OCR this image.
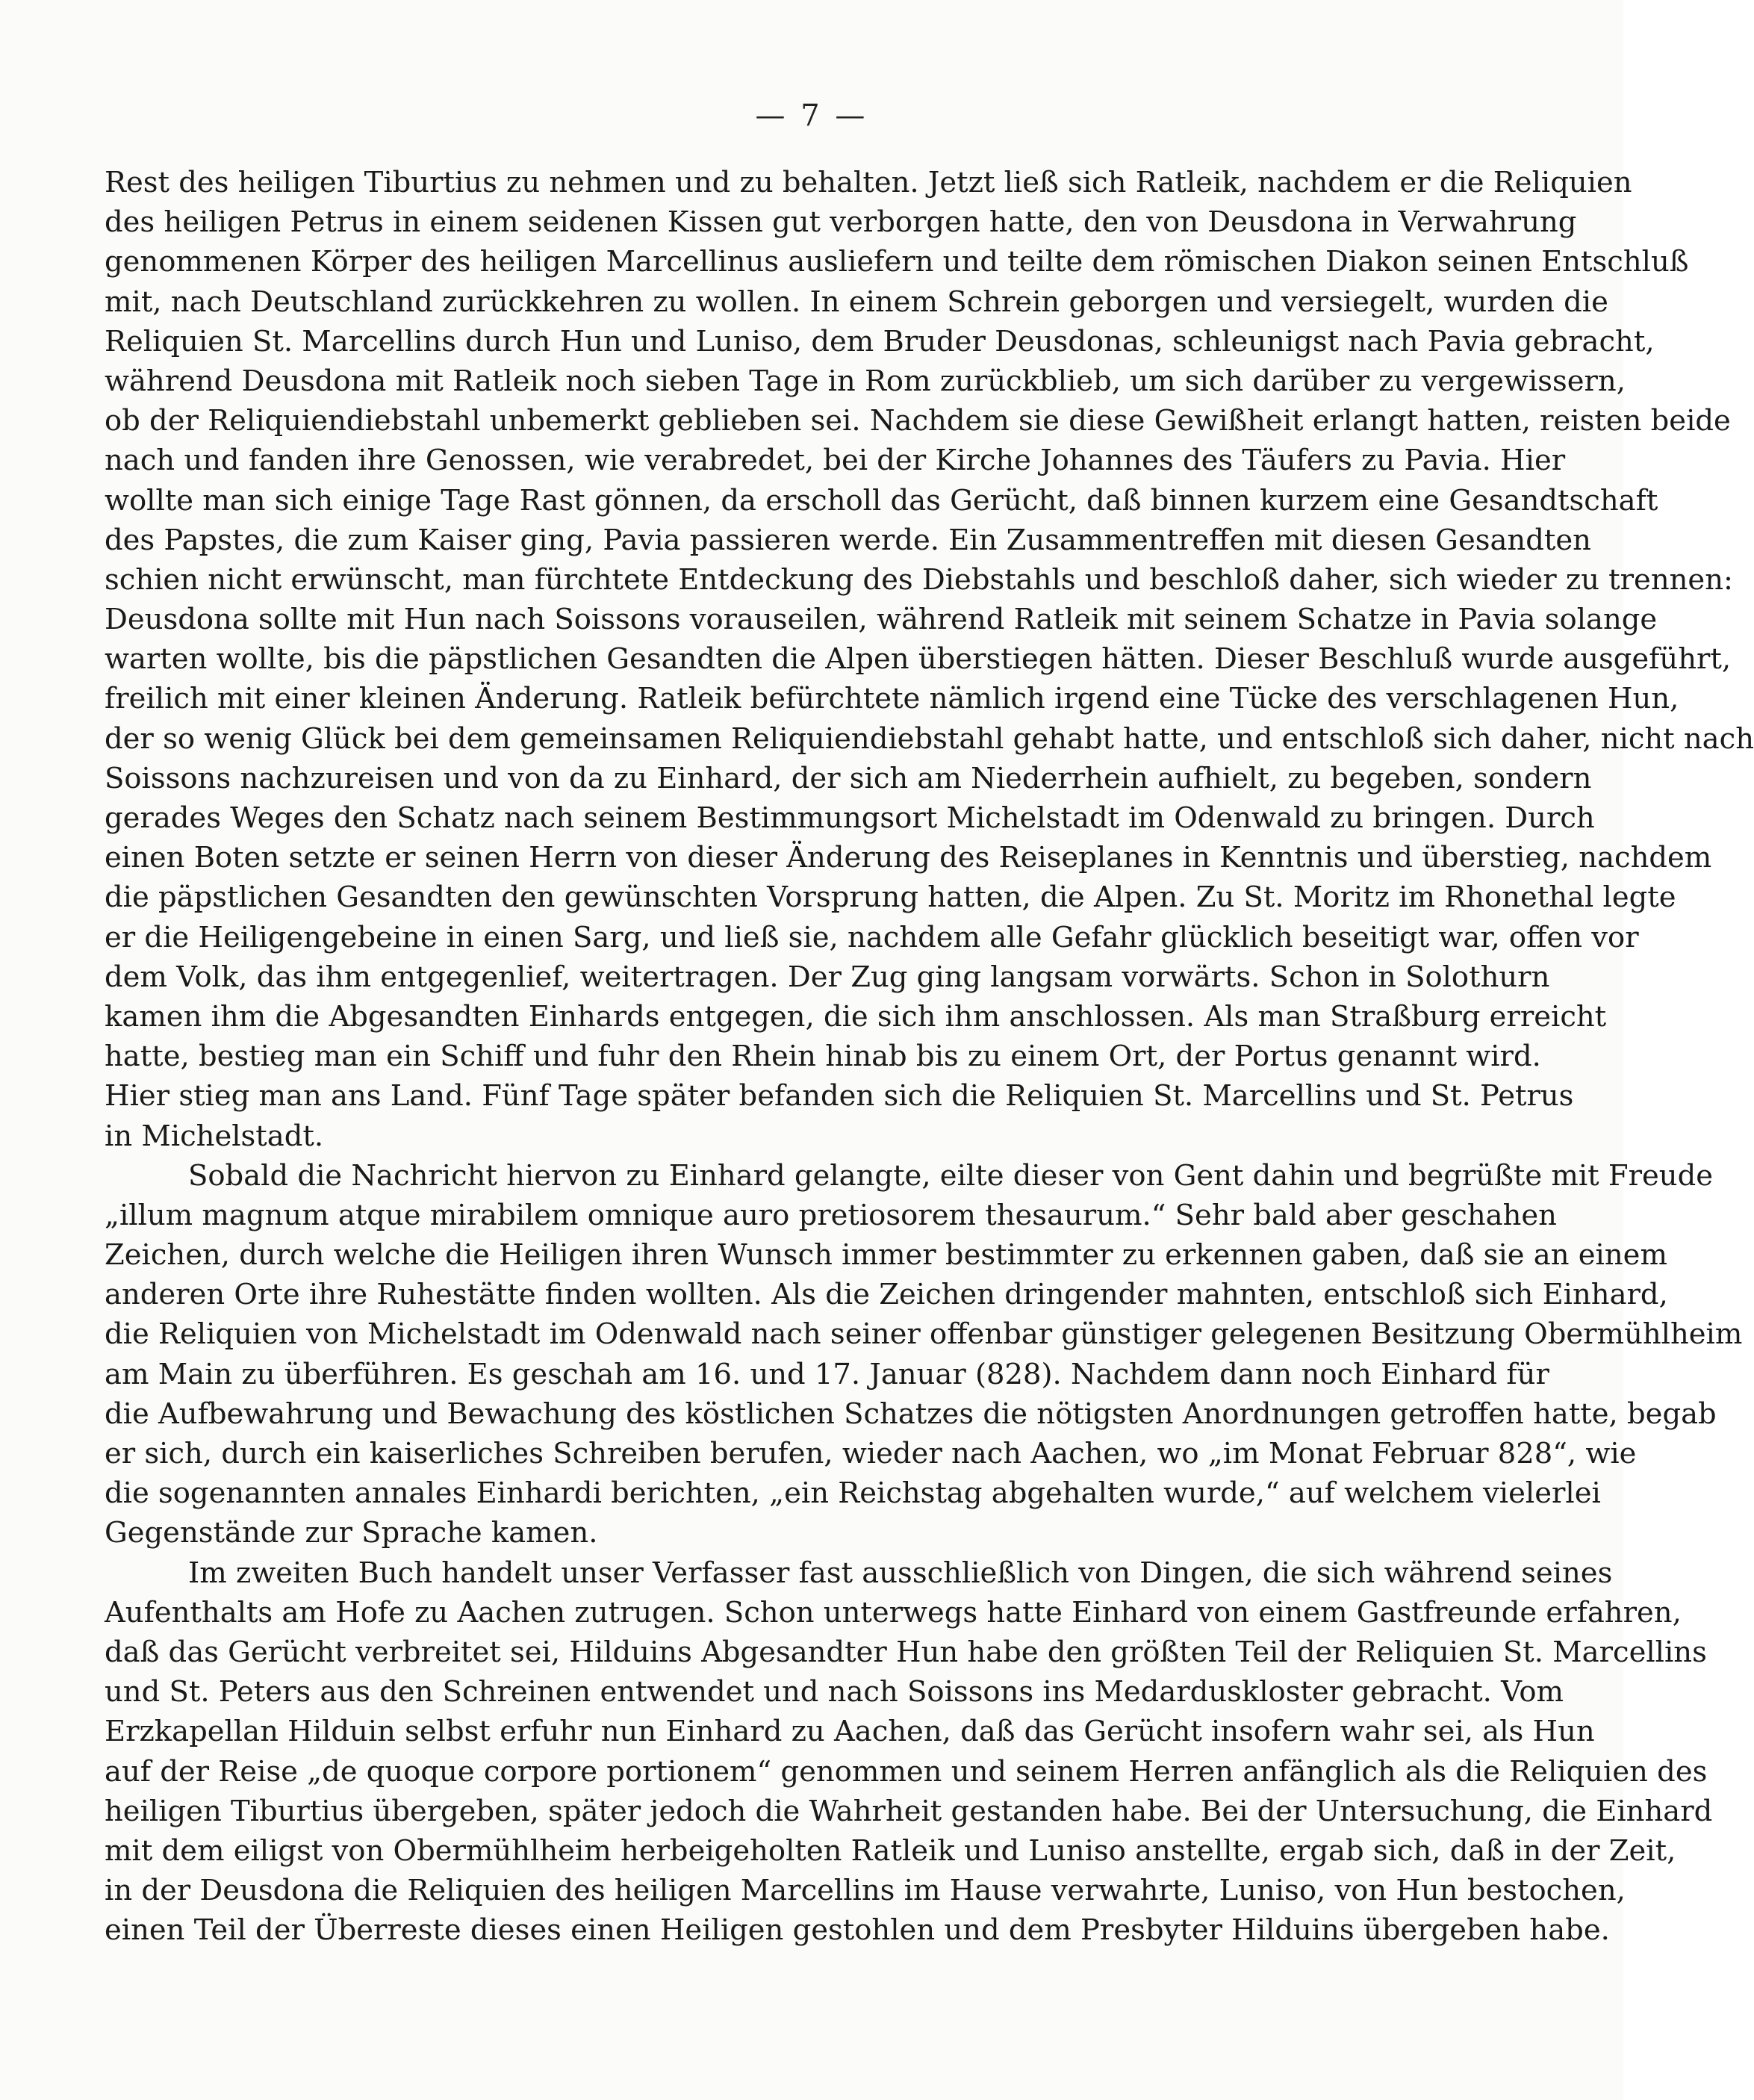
— 7 —
Rest des heiligen Tiburtius zu nehmen und zu behalten. Jetzt ließ sich Ratleik, nachdem er die Reliquien
des heiligen Petrus in einem seidenen Kissen gut verborgen hatte, den von Deusdona in Verwahrung
genommenen Körper des heiligen Marcellinus ausliefern und teilte dem römischen Diakon seinen Entschluß
mit, nach Deutschland zurückkehren zu wollen. In einem Schrein geborgen und versiegelt, wurden die
Reliquien St. Marcellins durch Hun und Luniso, dem Bruder Deusdonas, schleunigst nach Pavia gebracht,
während Deusdona mit Ratleik noch sieben Tage in Rom zurückblieb, um sich darüber zu vergewissern,
ob der Reliquiendiebstahl unbemerkt geblieben sei. Nachdem sie diese Gewißheit erlangt hatten, reisten beide
nach und fanden ihre Genossen, wie verabredet, bei der Kirche Johannes des Täufers zu Pavia. Hier
wollte man sich einige Tage Rast gönnen, da erscholl das Gerücht, daß binnen kurzem eine Gesandtschaft
des Papstes, die zum Kaiser ging, Pavia passieren werde. Ein Zusammentreffen mit diesen Gesandten
schien nicht erwünscht, man fürchtete Entdeckung des Diebstahls und beschloß daher, sich wieder zu trennen:
Deusdona sollte mit Hun nach Soissons vorauseilen, während Ratleik mit seinem Schatze in Pavia solange
warten wollte, bis die päpstlichen Gesandten die Alpen überstiegen hätten. Dieser Beschluß wurde ausgeführt,
freilich mit einer kleinen Änderung. Ratleik befürchtete nämlich irgend eine Tücke des verschlagenen Hun,
der so wenig Glück bei dem gemeinsamen Reliquiendiebstahl gehabt hatte, und entschloß sich daher, nicht nach
Soissons nachzureisen und von da zu Einhard, der sich am Niederrhein aufhielt, zu begeben, sondern
gerades Weges den Schatz nach seinem Bestimmungsort Michelstadt im Odenwald zu bringen. Durch
einen Boten setzte er seinen Herrn von dieser Änderung des Reiseplanes in Kenntnis und überstieg, nachdem
die päpstlichen Gesandten den gewünschten Vorsprung hatten, die Alpen. Zu St. Moritz im Rhonethal legte
er die Heiligengebeine in einen Sarg, und ließ sie, nachdem alle Gefahr glücklich beseitigt war, offen vor
dem Volk, das ihm entgegenlief, weitertragen. Der Zug ging langsam vorwärts. Schon in Solothurn
kamen ihm die Abgesandten Einhards entgegen, die sich ihm anschlossen. Als man Straßburg erreicht
hatte, bestieg man ein Schiff und fuhr den Rhein hinab bis zu einem Ort, der Portus genannt wird.
Hier stieg man ans Land. Fünf Tage später befanden sich die Reliquien St. Marcellins und St. Petrus
in Michelstadt.
Sobald die Nachricht hiervon zu Einhard gelangte, eilte dieser von Gent dahin und begrüßte mit Freude
„illum magnum atque mirabilem omnique auro pretiosorem thesaurum.“ Sehr bald aber geschahen
Zeichen, durch welche die Heiligen ihren Wunsch immer bestimmter zu erkennen gaben, daß sie an einem
anderen Orte ihre Ruhestätte finden wollten. Als die Zeichen dringender mahnten, entschloß sich Einhard,
die Reliquien von Michelstadt im Odenwald nach seiner offenbar günstiger gelegenen Besitzung Obermühlheim
am Main zu überführen. Es geschah am 16. und 17. Januar (828). Nachdem dann noch Einhard für
die Aufbewahrung und Bewachung des köstlichen Schatzes die nötigsten Anordnungen getroffen hatte, begab
er sich, durch ein kaiserliches Schreiben berufen, wieder nach Aachen, wo „im Monat Februar 828“, wie
die sogenannten annales Einhardi berichten, „ein Reichstag abgehalten wurde,“ auf welchem vielerlei
Gegenstände zur Sprache kamen.
Im zweiten Buch handelt unser Verfasser fast ausschließlich von Dingen, die sich während seines
Aufenthalts am Hofe zu Aachen zutrugen. Schon unterwegs hatte Einhard von einem Gastfreunde erfahren,
daß das Gerücht verbreitet sei, Hilduins Abgesandter Hun habe den größten Teil der Reliquien St. Marcellins
und St. Peters aus den Schreinen entwendet und nach Soissons ins Medarduskloster gebracht. Vom
Erzkapellan Hilduin selbst erfuhr nun Einhard zu Aachen, daß das Gerücht insofern wahr sei, als Hun
auf der Reise „de quoque corpore portionem“ genommen und seinem Herren anfänglich als die Reliquien des
heiligen Tiburtius übergeben, später jedoch die Wahrheit gestanden habe. Bei der Untersuchung, die Einhard
mit dem eiligst von Obermühlheim herbeigeholten Ratleik und Luniso anstellte, ergab sich, daß in der Zeit,
in der Deusdona die Reliquien des heiligen Marcellins im Hause verwahrte, Luniso, von Hun bestochen,
einen Teil der Überreste dieses einen Heiligen gestohlen und dem Presbyter Hilduins übergeben habe.
